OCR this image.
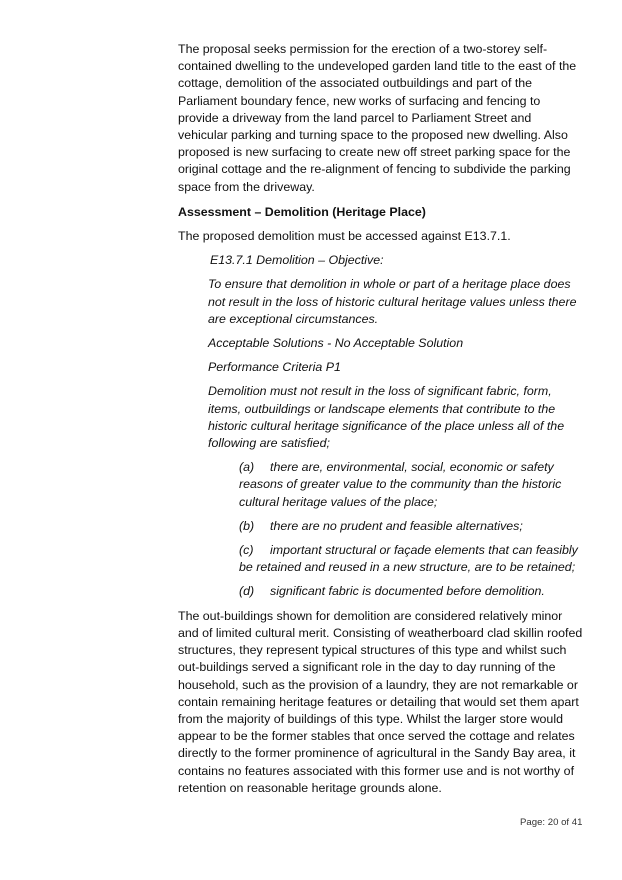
The proposal seeks permission for the erection of a two-storey self-contained dwelling to the undeveloped garden land title to the east of the cottage, demolition of the associated outbuildings and part of the Parliament boundary fence, new works of surfacing and fencing to provide a driveway from the land parcel to Parliament Street and vehicular parking and turning space to the proposed new dwelling. Also proposed is new surfacing to create new off street parking space for the original cottage and the re-alignment of fencing to subdivide the parking space from the driveway.

Assessment – Demolition (Heritage Place)

The proposed demolition must be accessed against E13.7.1.

E13.7.1 Demolition – Objective:

To ensure that demolition in whole or part of a heritage place does not result in the loss of historic cultural heritage values unless there are exceptional circumstances.

Acceptable Solutions - No Acceptable Solution

Performance Criteria P1

Demolition must not result in the loss of significant fabric, form, items, outbuildings or landscape elements that contribute to the historic cultural heritage significance of the place unless all of the following are satisfied;

(a) there are, environmental, social, economic or safety reasons of greater value to the community than the historic cultural heritage values of the place;

(b) there are no prudent and feasible alternatives;

(c) important structural or façade elements that can feasibly be retained and reused in a new structure, are to be retained;

(d) significant fabric is documented before demolition.

The out-buildings shown for demolition are considered relatively minor and of limited cultural merit. Consisting of weatherboard clad skillin roofed structures, they represent typical structures of this type and whilst such out-buildings served a significant role in the day to day running of the household, such as the provision of a laundry, they are not remarkable or contain remaining heritage features or detailing that would set them apart from the majority of buildings of this type. Whilst the larger store would appear to be the former stables that once served the cottage and relates directly to the former prominence of agricultural in the Sandy Bay area, it contains no features associated with this former use and is not worthy of retention on reasonable heritage grounds alone.

Page: 20 of 41
